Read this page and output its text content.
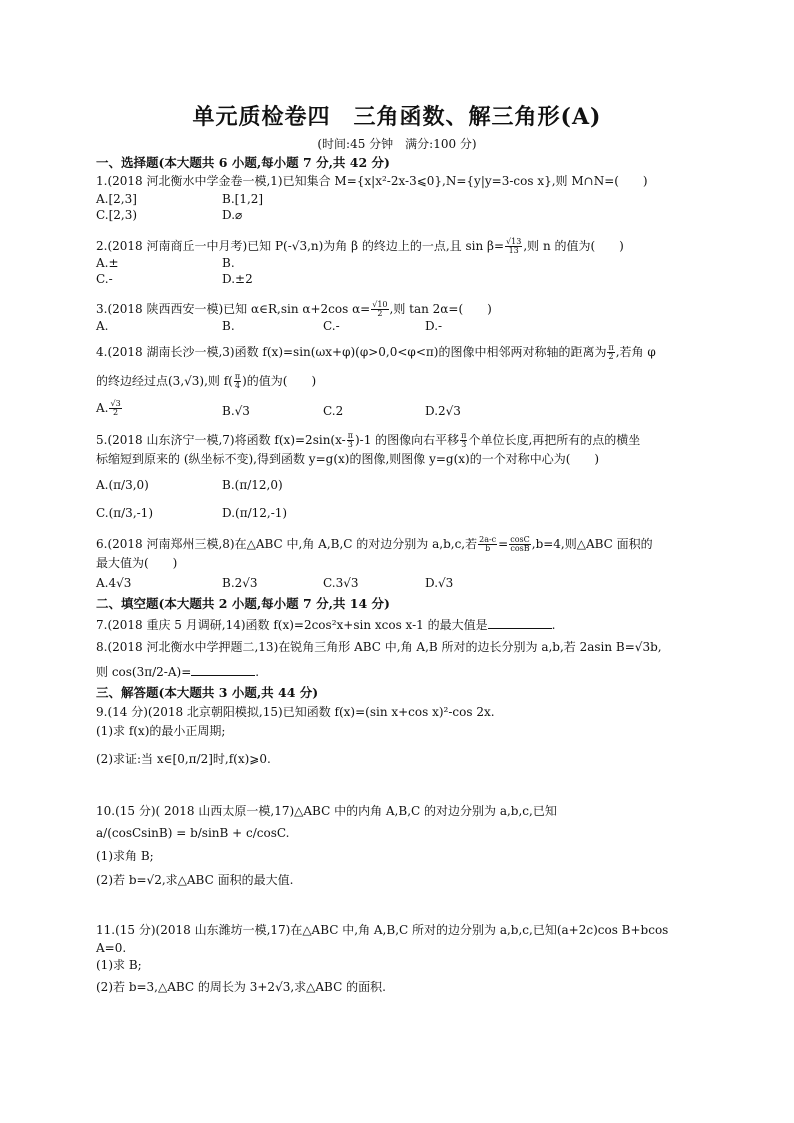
单元质检卷四　三角函数、解三角形(A)
(时间:45 分钟　满分:100 分)
一、选择题(本大题共 6 小题,每小题 7 分,共 42 分)
1.(2018 河北衡水中学金卷一模,1)已知集合 M={x|x²-2x-3⩽0},N={y|y=3-cos x},则 M∩N=(　　)
A.[2,3]	B.[1,2]
C.[2,3)	D.⌀
2.(2018 河南商丘一中月考)已知 P(-√3,n)为角 β 的终边上的一点,且 $\sin \beta= \frac{√13}{13}$ ,则 n 的值为(　　)
A.±	B.
C.-	D.±2
3.(2018 陕西西安一模)已知 α∈R,sin α+2cos $\alpha= \frac{√10}{2}$ ,则 tan 2α=(　　)
A.	B.	C.-	D.-
4.(2018 湖南长沙一模,3)函数 f(x)=sin(ωx+φ)(φ>0,0<φ<π)的图像中相邻两对称轴的距离为 $\frac{\pi}{2}$ ,若角 φ
的终边经过点(3,√3),则 $f( \frac{\pi}{4}$ )的值为(　　)
A. $\frac{√3}{2}$	B.√3	C.2	D.2√3
5.(2018 山东济宁一模,7)将函数 $f(x)=2\sin(x- \frac{\pi}{3} )-1$ 的图像向右平移 $\frac{\pi}{3}$ 个单位长度,再把所有的点的横坐
标缩短到原来的 (纵坐标不变),得到函数 y=g(x)的图像,则图像 y=g(x)的一个对称中心为(　　)
A.(π/3,0)	B.(π/12,0)
C.(π/3,-1)	D.(π/12,-1)
6.(2018 河南郑州三模,8)在△ABC 中,角 A,B,C 的对边分别为 a,b,c,若 $\frac{2a-c}{b} = \frac{\cos C}{\cos B} ,b=4$,则△ABC 面积的
最大值为(　　)
A.4√3	B.2√3	C.3√3	D.√3
二、填空题(本大题共 2 小题,每小题 7 分,共 14 分)
7.(2018 重庆 5 月调研,14)函数 f(x)=2cos²x+sin xcos x-1 的最大值是	.
8.(2018 河北衡水中学押题二,13)在锐角三角形 ABC 中,角 A,B 所对的边长分别为 a,b,若 2asin B=√3b,
则 cos(3π/2-A)=	.
三、解答题(本大题共 3 小题,共 44 分)
9.(14 分)(2018 北京朝阳模拟,15)已知函数 f(x)=(sin x+cos x)²-cos 2x.
(1)求 f(x)的最小正周期;
(2)求证:当 x∈[0,π/2]时,f(x)⩾0.
10.(15 分)( 2018 山西太原一模,17)△ABC 中的内角 A,B,C 的对边分别为 a,b,c,已知
a/(cosCsinB) = b/sinB + c/cosC.
(1)求角 B;
(2)若 b=√2,求△ABC 面积的最大值.
11.(15 分)(2018 山东潍坊一模,17)在△ABC 中,角 A,B,C 所对的边分别为 a,b,c,已知(a+2c)cos B+bcos
A=0.
(1)求 B;
(2)若 b=3,△ABC 的周长为 3+2√3,求△ABC 的面积.
